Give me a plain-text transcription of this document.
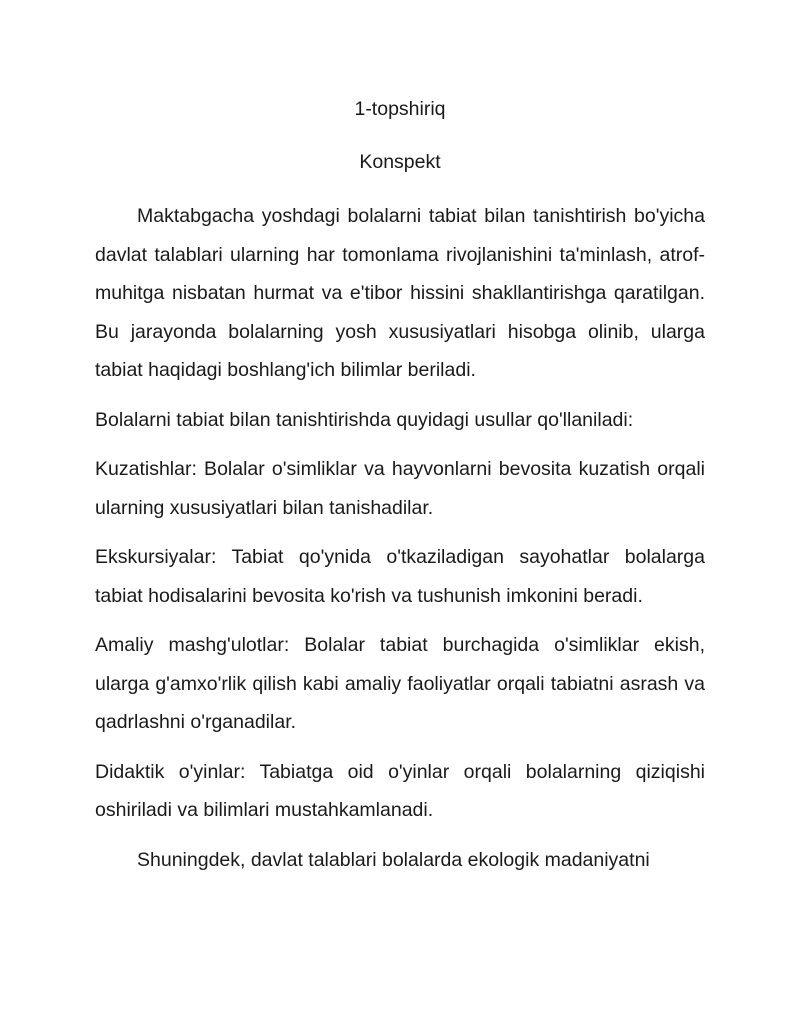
1-topshiriq
Konspekt

Maktabgacha yoshdagi bolalarni tabiat bilan tanishtirish bo'yicha davlat talablari ularning har tomonlama rivojlanishini ta'minlash, atrof-muhitga nisbatan hurmat va e'tibor hissini shakllantirishga qaratilgan. Bu jarayonda bolalarning yosh xususiyatlari hisobga olinib, ularga tabiat haqidagi boshlang'ich bilimlar beriladi.

Bolalarni tabiat bilan tanishtirishda quyidagi usullar qo'llaniladi:

Kuzatishlar: Bolalar o'simliklar va hayvonlarni bevosita kuzatish orqali ularning xususiyatlari bilan tanishadilar.

Ekskursiyalar: Tabiat qo'ynida o'tkaziladigan sayohatlar bolalarga tabiat hodisalarini bevosita ko'rish va tushunish imkonini beradi.

Amaliy mashg'ulotlar: Bolalar tabiat burchagida o'simliklar ekish, ularga g'amxo'rlik qilish kabi amaliy faoliyatlar orqali tabiatni asrash va qadrlashni o'rganadilar.

Didaktik o'yinlar: Tabiatga oid o'yinlar orqali bolalarning qiziqishi oshiriladi va bilimlari mustahkamlanadi.

Shuningdek, davlat talablari bolalarda ekologik madaniyatni
